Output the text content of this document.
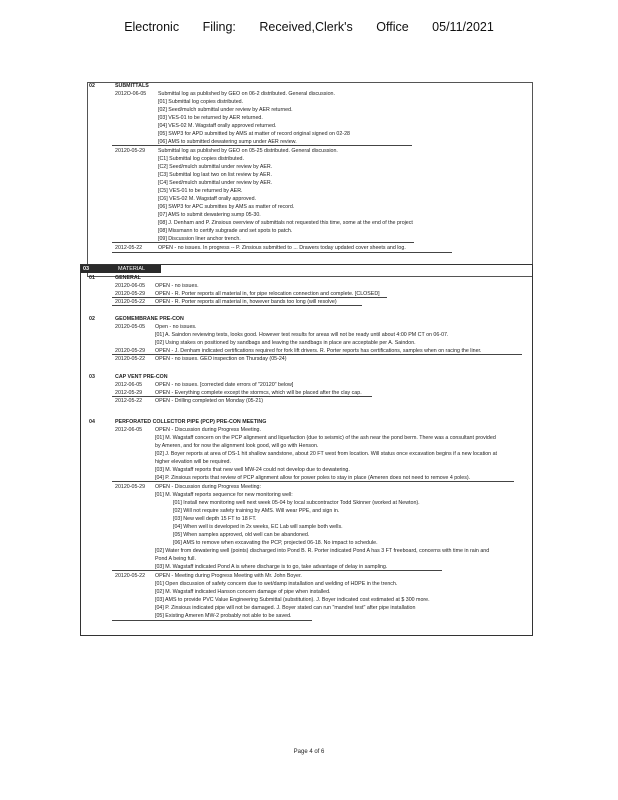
Electronic Filing: Received,Clerk's Office 05/11/2021
03	MATERIAL
02	SUBMITTALS
2012O-06-05 Submittal log as published by GEO on 06-2 distributed. General discussion.
[01] Submittal log copies distributed.
[02] Seed/mulch submittal under review by AER returned.
[03] VES-01 to be returned by AER returned.
[04] VES-02 M. Wagstaff orally approved returned.
[05] SWP3 for APD submitted by AMS at matter of record original signed on 02-28
[06] AMS to submitted dewatering sump under AER review.
20120-05-29 Submittal log as published by GEO on 05-25 distributed. General discussion.
[C1] Submittal log copies distributed.
[C2] Seed/mulch submittal under review by AER.
[C3] Submittal log last two on list review by AER.
[C4] Seed/mulch submittal under review by AER.
[C5] VES-01 to be returned by AER.
[C6] VES-02 M. Wagstaff orally approved.
[06] SWP3 for APC submittes by AMS as matter of record.
[07] AMS to submit dewatering sump 05-30.
[08] J. Denham and P. Zinsious overview of submittals not requested this time, some at the end of the project
[08] Missmann to certify subgrade and set spots to patch.
[09] Discussion liner anchor trench.
2012-05-22	OPEN - no issues. In progress -- P. Zinsious submitted to ... Drawers today updated cover sheets and log.
01	GENERAL
20120-06-05 OPEN - no issues.
20120-05-29 OPEN - R. Porter reports all material in, for pipe relocation connection and complete. [CLOSED]
20120-05-22 OPEN - R. Porter reports all material in, however bands too long (will resolve)
02	GEOMEMBRANE PRE-CON
20120-05-05 Open - no issues.
[01] A. Saindon reviewing tests, looks good. However test results for areas will not be ready until about 4:00 PM CT on 06-07.
[02] Using stakes on positioned by sandbags and leaving the sandbags in place are acceptable per A. Saindon.
20120-05-29 OPEN - J. Denham indicated certifications required for fork lift drivers. R. Porter reports has certifications, samples when on racing the liner.
20120-05-22 OPEN - no issues. GEO inspection on Thursday (05-24)
03	CAP VENT PRE-CON
2012-06-05 OPEN - no issues. [corrected date errors of "20120" below]
2012-05-29 OPEN - Everything complete except the stormcs, which will be placed after the clay cap.
2012-05-22 OPEN - Drilling completed on Monday (05-21)
04	PERFORATED COLLECTOR PIPE (PCP) PRE-CON MEETING
2012-06-05 OPEN - Discussion during Progress Meeting.
[01] M. Wagstaff concern on the PCP alignment and liquefaction (due to seismic) of the ash near the pond berm. There was a consultant provided
by Ameren, and for now the alignment look good, will go with Henson.
[02] J. Boyer reports at area of DS-1 hit shallow sandstone, about 20 FT west from location. Will status once excavation begins if a new location at
higher elevation will be required.
[03] M. Wagstaff reports that new well MW-24 could not develop due to dewatering.
[04] P. Zinsious reports that review of PCP alignment allow for power poles to stay in place (Ameren does not need to remove 4 poles).
20120-05-29 OPEN - Discussion during Progress Meeting:
[01] M. Wagstaff reports sequence for new monitoring well:
[01] Install new monitoring well next week 05-04 by local subcontractor Todd Skinner (worked at Newton).
[02] Will not require safety training by AMS. Will wear PPE, and sign in.
[03] New well depth 15 FT to 18 FT.
[04] When well is developed in 2x weeks, EC Lab will sample both wells.
[05] When samples approved, old well can be abandoned.
[06] AMS to remove when excavating the PCP, projected 06-18. No impact to schedule.
[02] Water from dewatering well (points) discharged into Pond B. R. Porter indicated Pond A has 3 FT freeboard, concerns with time in rain and
Pond A being full.
[03] M. Wagstaff indicated Pond A is where discharge is to go, take advantage of delay in sampling.
20120-05-22 OPEN - Meeting during Progress Meeting with Mr. John Boyer.
[01] Open discussion of safety concern due to wet/damp installation and welding of HDPE in the trench.
[02] M. Wagstaff indicated Hanson concern damage of pipe when installed.
[03] AMS to provide PVC Value Engineering Submittal (substitution). J. Boyer indicated cost estimated at $ 300 more.
[04] P. Zinsious indicated pipe will not be damaged. J. Boyer stated can run "mandrel test" after pipe installation
[05] Existing Ameren MW-2 probably not able to be saved.
Page 4 of 6
